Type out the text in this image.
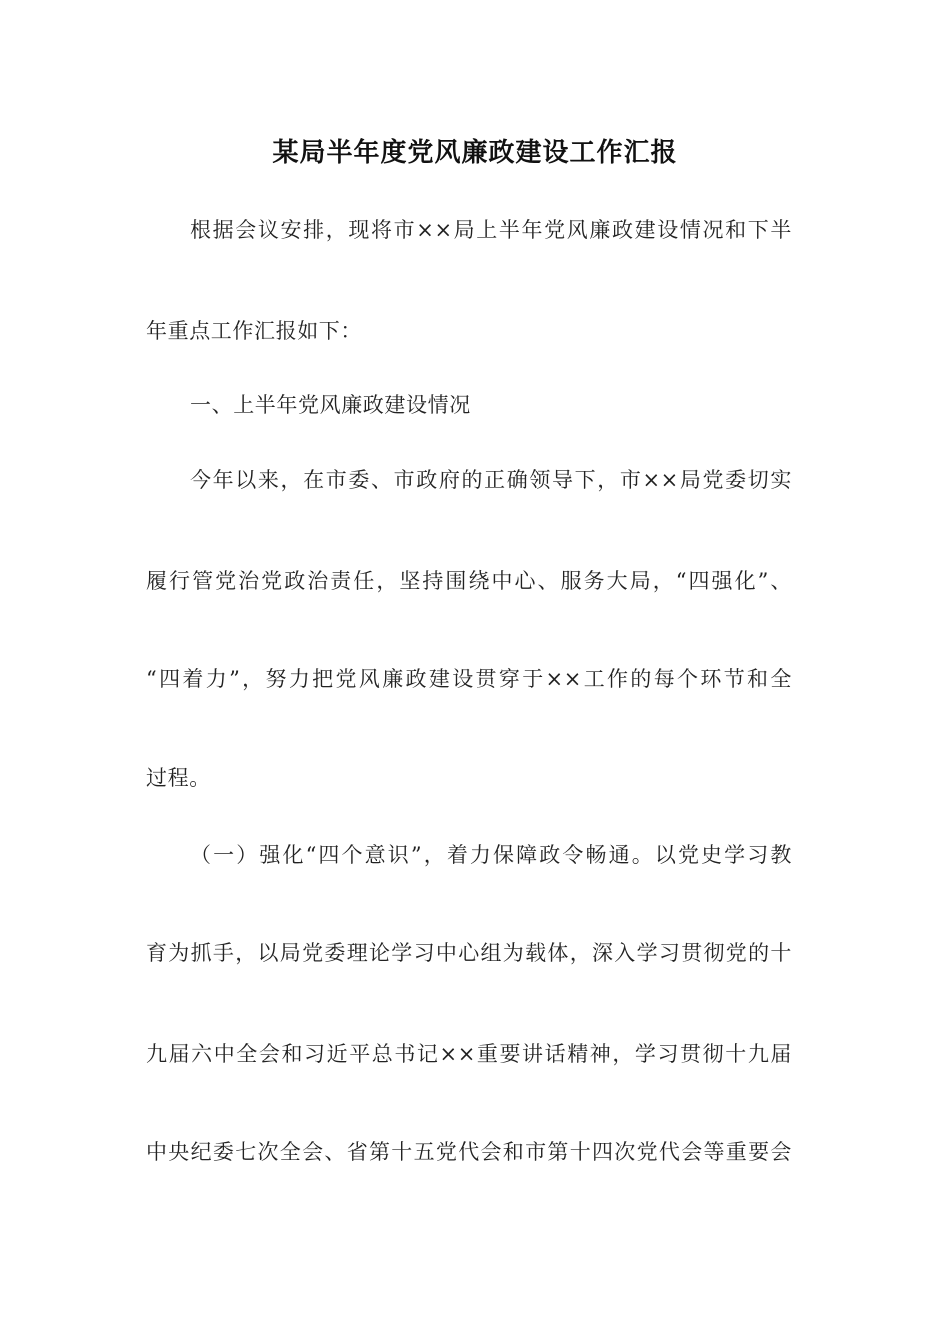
某局半年度党风廉政建设工作汇报
根据会议安排，现将市××局上半年党风廉政建设情况和下半
年重点工作汇报如下：
一、上半年党风廉政建设情况
今年以来，在市委、市政府的正确领导下，市××局党委切实
履行管党治党政治责任，坚持围绕中心、服务大局，“四强化”、
“四着力”，努力把党风廉政建设贯穿于××工作的每个环节和全
过程。
（一）强化“四个意识”，着力保障政令畅通。以党史学习教
育为抓手，以局党委理论学习中心组为载体，深入学习贯彻党的十
九届六中全会和习近平总书记××重要讲话精神，学习贯彻十九届
中央纪委七次全会、省第十五党代会和市第十四次党代会等重要会
